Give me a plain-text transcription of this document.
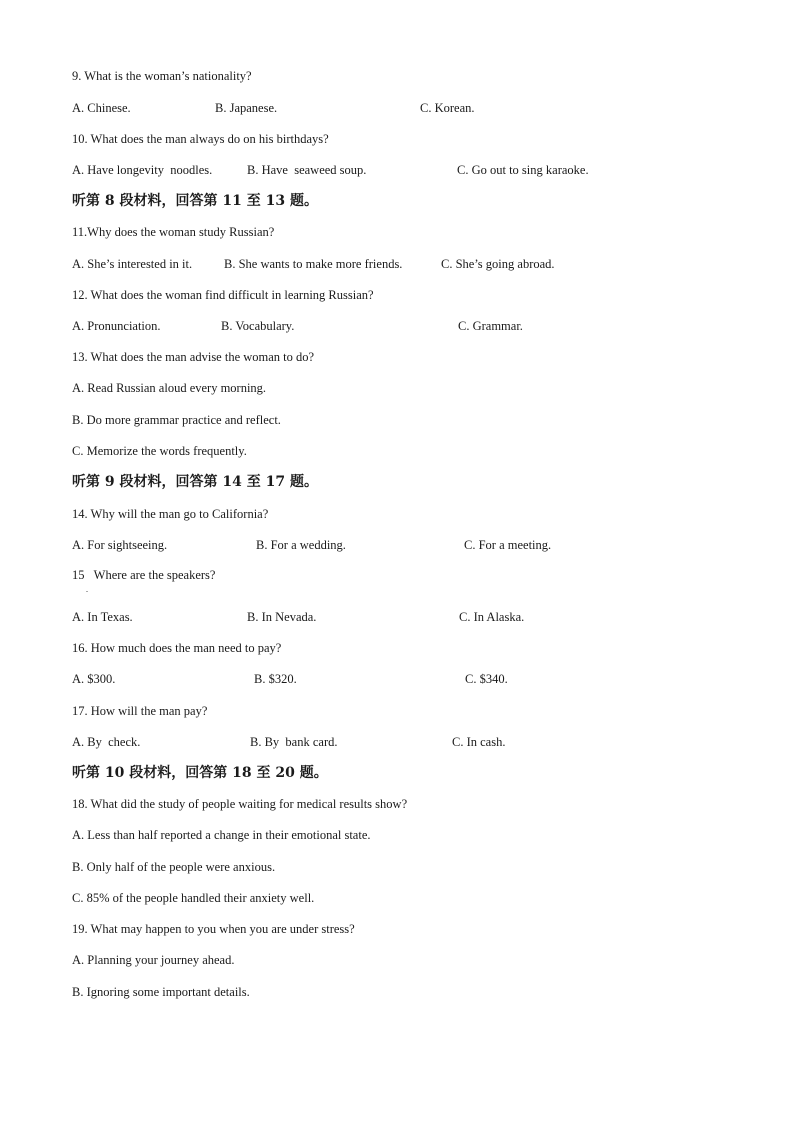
9. What is the woman’s nationality?
A. Chinese.	B. Japanese.	C. Korean.
10. What does the man always do on his birthdays?
A. Have longevity  noodles.	B. Have  seaweed soup.	C. Go out to sing karaoke.
听第 8 段材料，回答第 11 至 13 题。
11.Why does the woman study Russian?
A. She’s interested in it.	B. She wants to make more friends.	C. She’s going abroad.
12. What does the woman find difficult in learning Russian?
A. Pronunciation.	B. Vocabulary.	C. Grammar.
13. What does the man advise the woman to do?
A. Read Russian aloud every morning.
B. Do more grammar practice and reflect.
C. Memorize the words frequently.
听第 9 段材料，回答第 14 至 17 题。
14. Why will the man go to California?
A. For sightseeing.	B. For a wedding.	C. For a meeting.
15   Where are the speakers?
.
A. In Texas.	B. In Nevada.	C. In Alaska.
16. How much does the man need to pay?
A. $300.	B. $320.	C. $340.
17. How will the man pay?
A. By  check.	B. By  bank card.	C. In cash.
听第 10 段材料，回答第 18 至 20 题。
18. What did the study of people waiting for medical results show?
A. Less than half reported a change in their emotional state.
B. Only half of the people were anxious.
C. 85% of the people handled their anxiety well.
19. What may happen to you when you are under stress?
A. Planning your journey ahead.
B. Ignoring some important details.
